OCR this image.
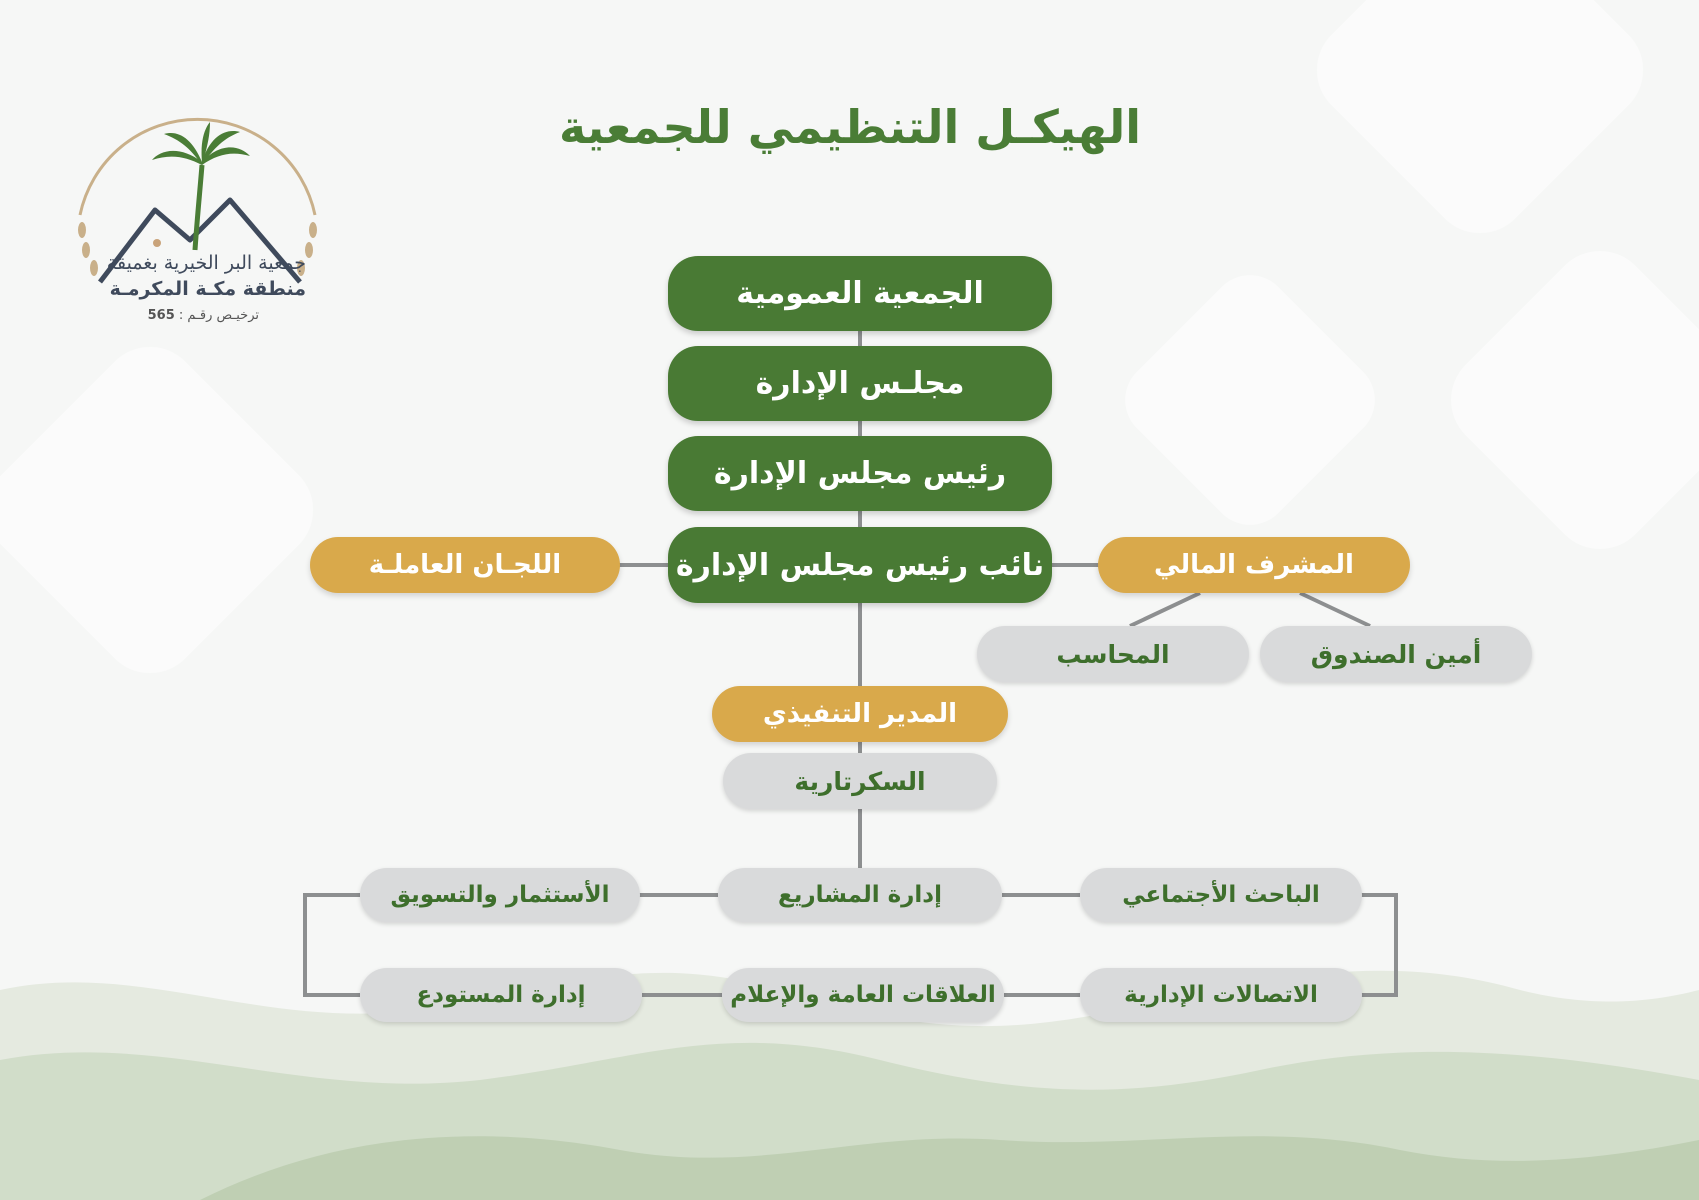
جمعية البر الخيرية بغميقة
منطقة مكـة المكرمـة
ترخيـص رقـم : 565
الهيكـل التنظيمي للجمعية
الجمعية العمومية
مجلـس الإدارة
رئيس مجلس الإدارة
نائب رئيس مجلس الإدارة
اللجـان العاملـة	المشرف المالي
المحاسب	أمين الصندوق
المدير التنفيذي
السكرتارية
الأستثمار والتسويق	إدارة المشاريع	الباحث الأجتماعي
إدارة المستودع	العلاقات العامة والإعلام	الاتصالات الإدارية
